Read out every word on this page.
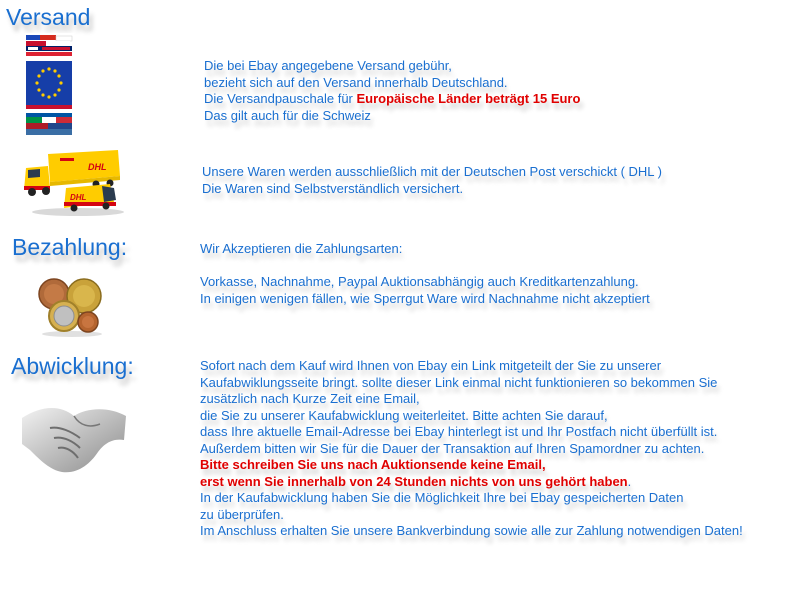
Versand
Die bei Ebay angegebene Versand gebühr,
bezieht sich auf den Versand innerhalb Deutschland.
Die Versandpauschale für Europäische Länder beträgt 15 Euro
Das gilt auch für die Schweiz
DHL
DHL
Unsere Waren werden ausschließlich mit der Deutschen Post verschickt ( DHL )
Die Waren sind Selbstverständlich versichert.
Bezahlung:	Wir Akzeptieren die Zahlungsarten:

Vorkasse, Nachnahme, Paypal Auktionsabhängig auch Kreditkartenzahlung.
In einigen wenigen fällen, wie Sperrgut Ware wird Nachnahme nicht akzeptiert
Abwicklung:	Sofort nach dem Kauf wird Ihnen von Ebay ein Link mitgeteilt der Sie zu unserer
Kaufabwiklungsseite bringt. sollte dieser Link einmal nicht funktionieren so bekommen Sie
zusätzlich nach Kurze Zeit eine Email,
die Sie zu unserer Kaufabwicklung weiterleitet. Bitte achten Sie darauf,
dass Ihre aktuelle Email-Adresse bei Ebay hinterlegt ist und Ihr Postfach nicht überfüllt ist.
Außerdem bitten wir Sie für die Dauer der Transaktion auf Ihren Spamordner zu achten.
Bitte schreiben Sie uns nach Auktionsende keine Email,
erst wenn Sie innerhalb von 24 Stunden nichts von uns gehört haben.
In der Kaufabwicklung haben Sie die Möglichkeit Ihre bei Ebay gespeicherten Daten
zu überprüfen.
Im Anschluss erhalten Sie unsere Bankverbindung sowie alle zur Zahlung notwendigen Daten!
